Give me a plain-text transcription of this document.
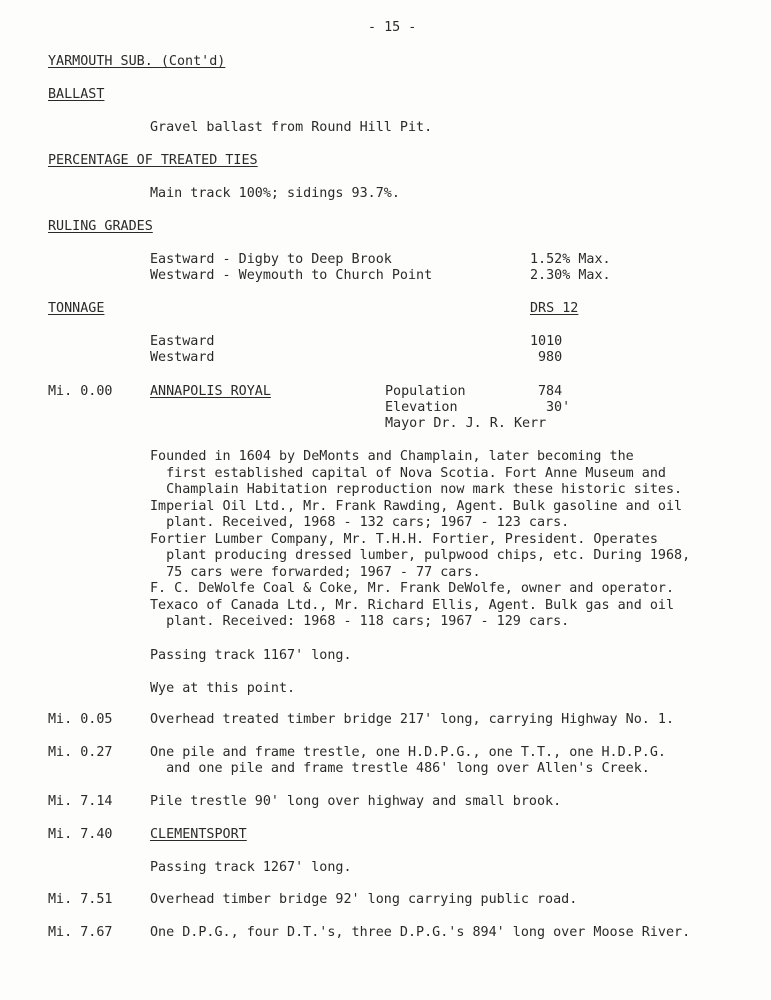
- 15 -
YARMOUTH SUB. (Cont'd)
BALLAST
Gravel ballast from Round Hill Pit.
PERCENTAGE OF TREATED TIES
Main track 100%; sidings 93.7%.
RULING GRADES
Eastward - Digby to Deep Brook	1.52% Max.
Westward - Weymouth to Church Point	2.30% Max.
TONNAGE	DRS 12
Eastward	1010
Westward	980
Mi. 0.00	ANNAPOLIS ROYAL	Population	784
Elevation	30'
Mayor Dr. J. R. Kerr
Founded in 1604 by DeMonts and Champlain, later becoming the
first established capital of Nova Scotia. Fort Anne Museum and
Champlain Habitation reproduction now mark these historic sites.
Imperial Oil Ltd., Mr. Frank Rawding, Agent. Bulk gasoline and oil
plant. Received, 1968 - 132 cars; 1967 - 123 cars.
Fortier Lumber Company, Mr. T.H.H. Fortier, President. Operates
plant producing dressed lumber, pulpwood chips, etc. During 1968,
75 cars were forwarded; 1967 - 77 cars.
F. C. DeWolfe Coal & Coke, Mr. Frank DeWolfe, owner and operator.
Texaco of Canada Ltd., Mr. Richard Ellis, Agent. Bulk gas and oil
plant. Received: 1968 - 118 cars; 1967 - 129 cars.
Passing track 1167' long.
Wye at this point.
Mi. 0.05	Overhead treated timber bridge 217' long, carrying Highway No. 1.
Mi. 0.27	One pile and frame trestle, one H.D.P.G., one T.T., one H.D.P.G.
and one pile and frame trestle 486' long over Allen's Creek.
Mi. 7.14	Pile trestle 90' long over highway and small brook.
Mi. 7.40	CLEMENTSPORT
Passing track 1267' long.
Mi. 7.51	Overhead timber bridge 92' long carrying public road.
Mi. 7.67	One D.P.G., four D.T.'s, three D.P.G.'s 894' long over Moose River.
